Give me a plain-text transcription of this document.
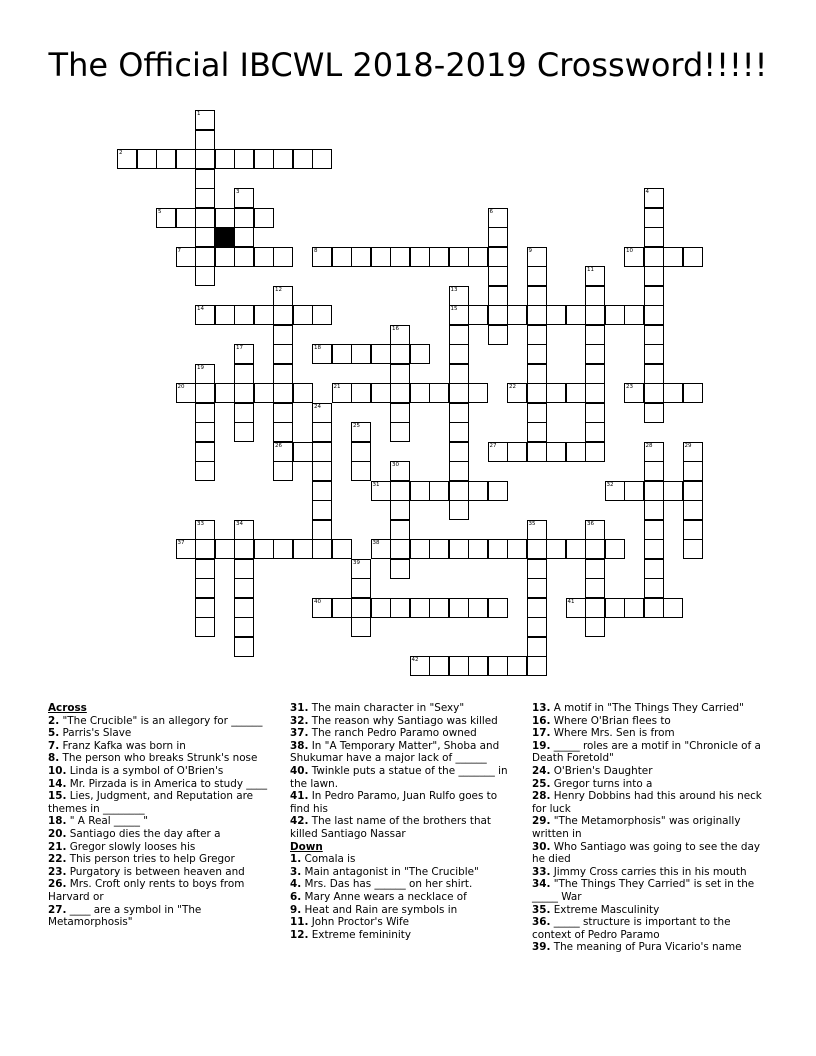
The Official IBCWL 2018-2019 Crossword!!!!!
2
5
7	8	10
14	15
18
20	21	22	23
26	27
31	32
37	38
40	41
42
1
3	4
6
9
11
12	13
16
17
19
24
25
28	29
30
33	34	35	36
39
Across
2. "The Crucible" is an allegory for ______
5. Parris's Slave
7. Franz Kafka was born in
8. The person who breaks Strunk's nose
10. Linda is a symbol of O'Brien's
14. Mr. Pirzada is in America to study ____
15. Lies, Judgment, and Reputation are themes in ________
18. " A Real _____ "
20. Santiago dies the day after a
21. Gregor slowly looses his
22. This person tries to help Gregor
23. Purgatory is between heaven and
26. Mrs. Croft only rents to boys from Harvard or
27. ____ are a symbol in "The Metamorphosis"
31. The main character in "Sexy"
32. The reason why Santiago was killed
37. The ranch Pedro Paramo owned
38. In "A Temporary Matter", Shoba and Shukumar have a major lack of ______
40. Twinkle puts a statue of the _______ in the lawn.
41. In Pedro Paramo, Juan Rulfo goes to find his
42. The last name of the brothers that killed Santiago Nassar
Down
1. Comala is
3. Main antagonist in "The Crucible"
4. Mrs. Das has ______ on her shirt.
6. Mary Anne wears a necklace of
9. Heat and Rain are symbols in
11. John Proctor's Wife
12. Extreme femininity
13. A motif in "The Things They Carried"
16. Where O'Brian flees to
17. Where Mrs. Sen is from
19. _____ roles are a motif in "Chronicle of a Death Foretold"
24. O'Brien's Daughter
25. Gregor turns into a
28. Henry Dobbins had this around his neck for luck
29. "The Metamorphosis" was originally written in
30. Who Santiago was going to see the day he died
33. Jimmy Cross carries this in his mouth
34. "The Things They Carried" is set in the _____ War
35. Extreme Masculinity
36. _____ structure is important to the context of Pedro Paramo
39. The meaning of Pura Vicario's name
